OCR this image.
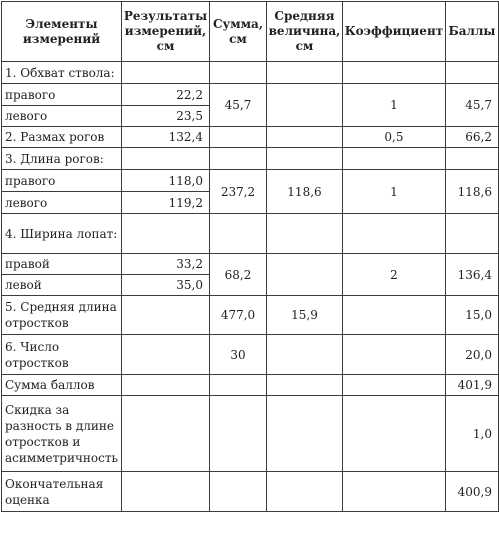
Элементы измерений	Результаты измерений, см	Сумма, см	Средняя величина, см	Коэффициент	Баллы
1. Обхват ствола:					
правого	22,2	45,7		1	45,7
левого	23,5				
2. Размах рогов	132,4			0,5	66,2
3. Длина рогов:					
правого	118,0	237,2	118,6	1	118,6
левого	119,2				
4. Ширина лопат:					
правой	33,2	68,2		2	136,4
левой	35,0				
5. Средняя длина отростков		477,0	15,9		15,0
6. Число отростков		30			20,0
Сумма баллов					401,9
Скидка за разность в длине отростков и асимметричность					1,0
Окончательная оценка					400,9
